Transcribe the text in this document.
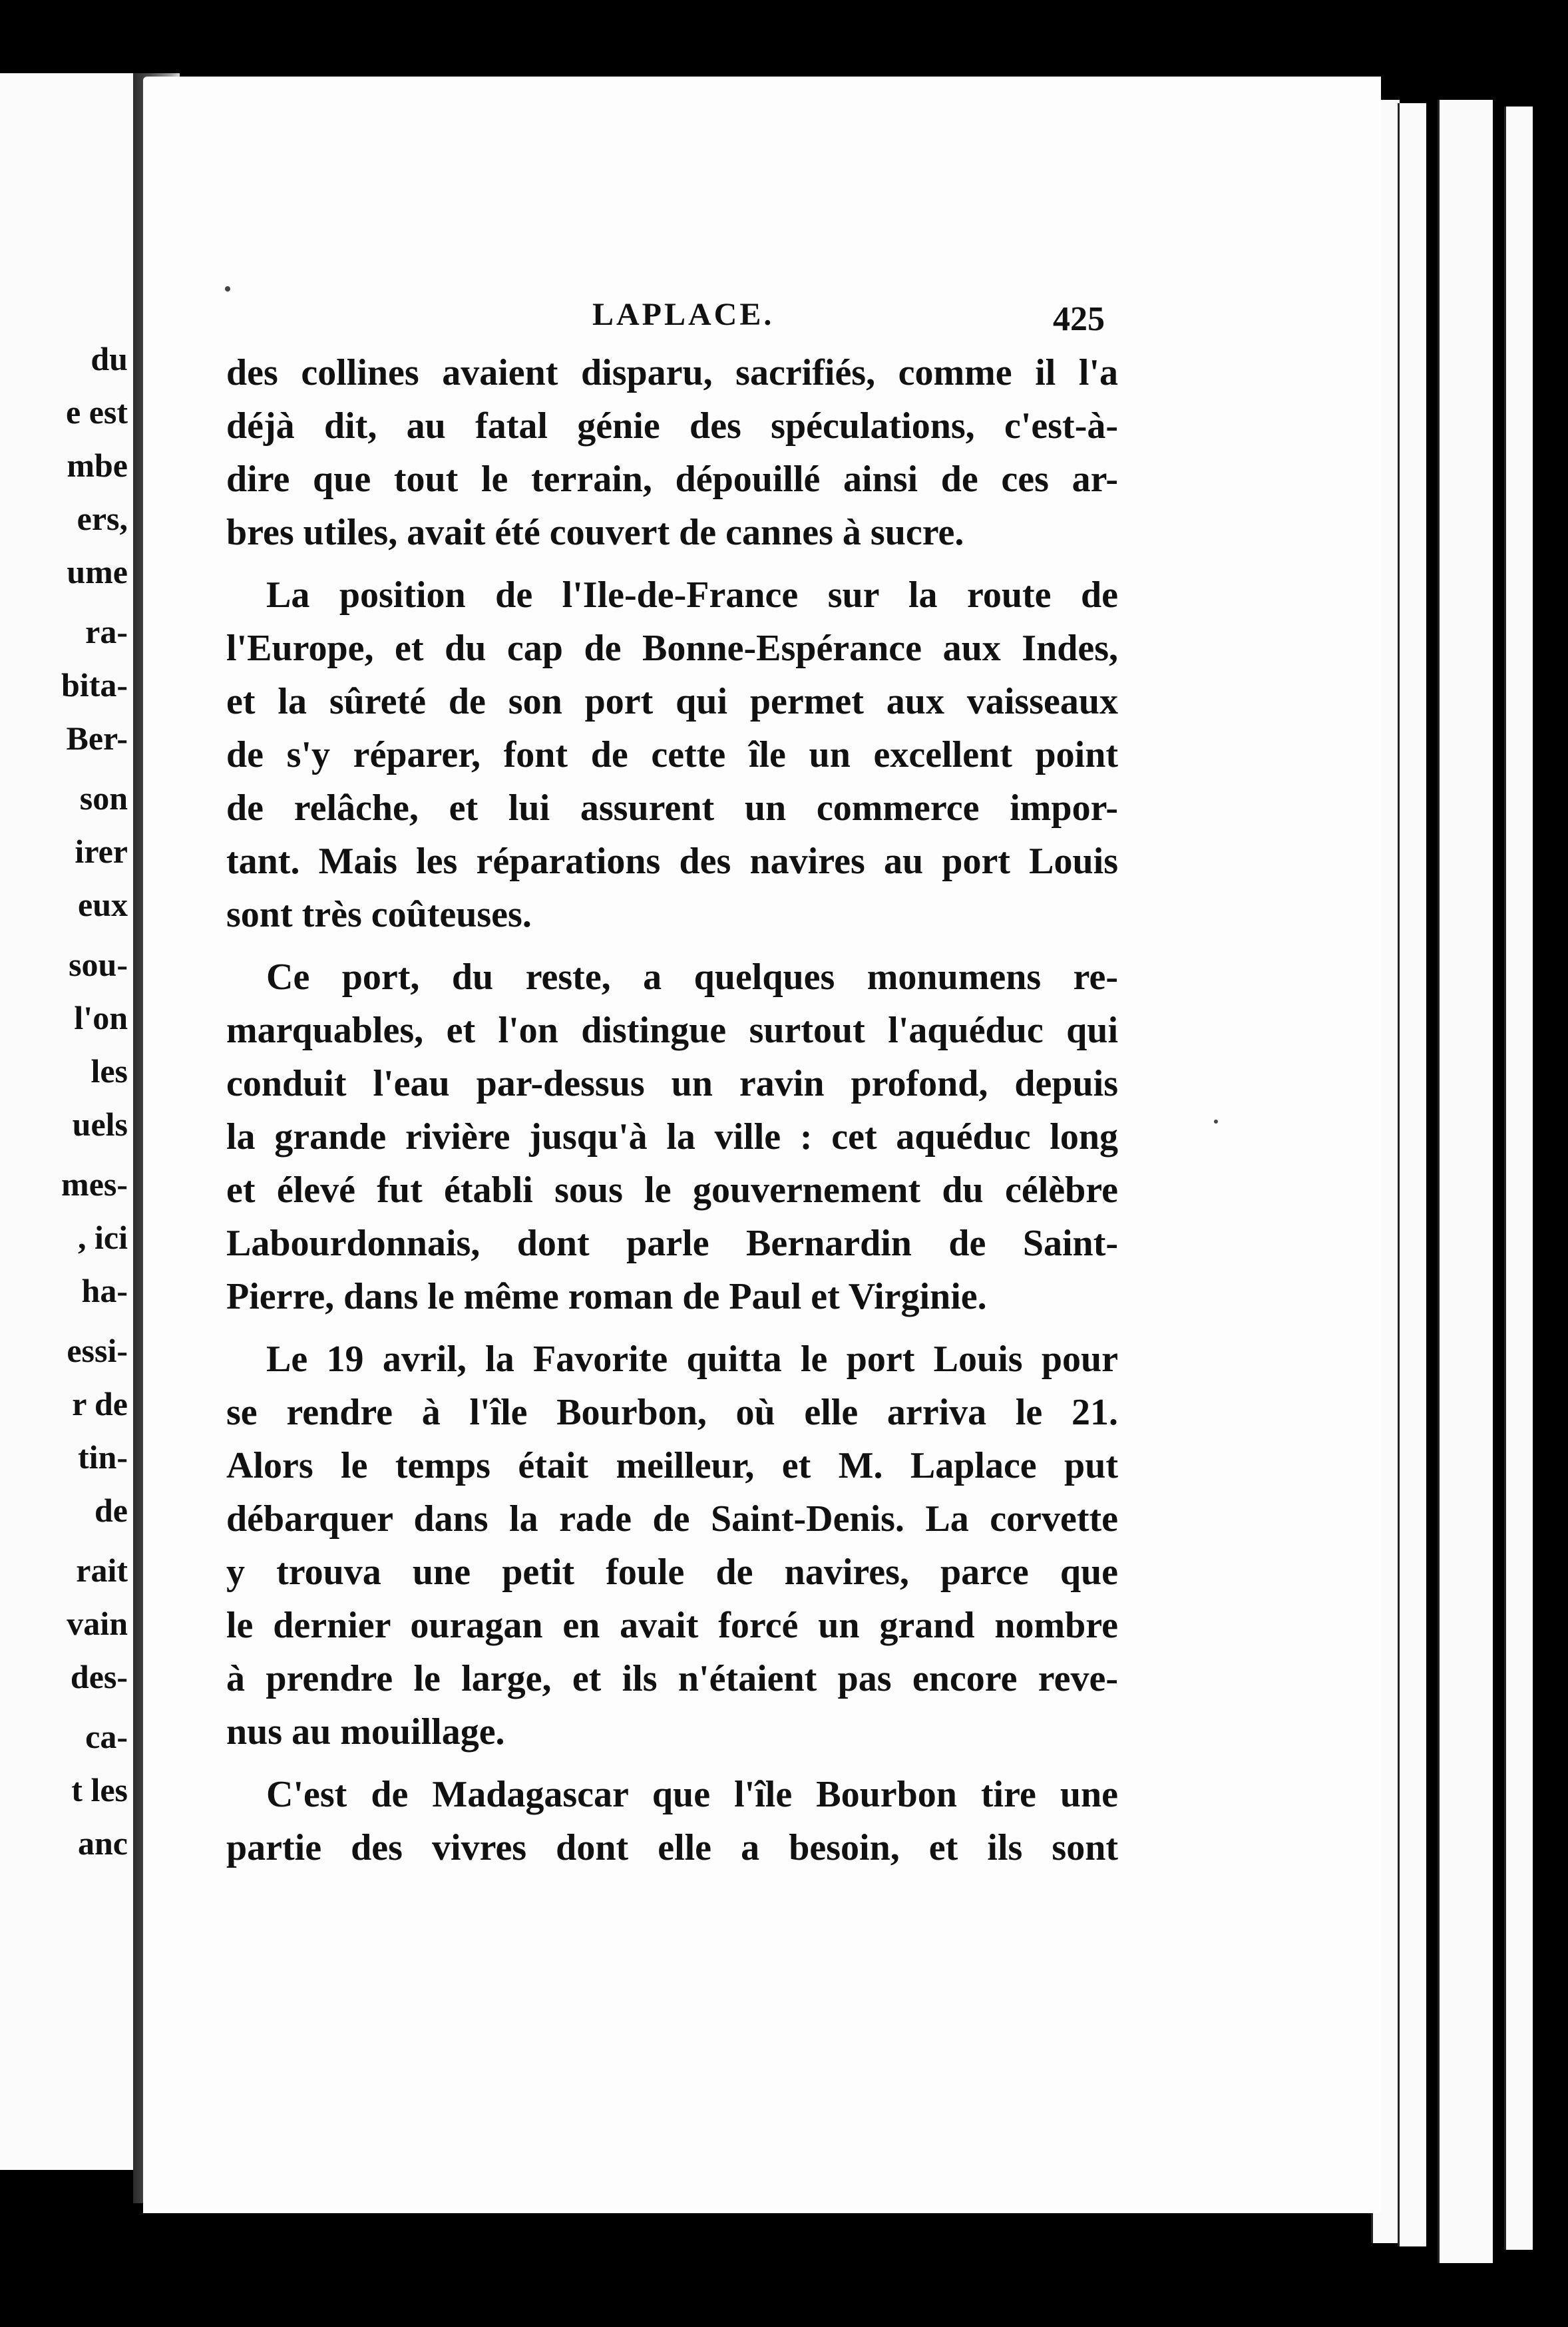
du
e est
mbe
ers,
ume
ra-
bita-
Ber-
son
irer
eux
sou-
l'on
les
uels
mes-
, ici
ha-
essi-
r de
tin-
de
rait
vain
des-
ca-
t les
anc
LAPLACE.	425
des collines avaient disparu, sacrifiés, comme il l'a
déjà dit, au fatal génie des spéculations, c'est-à-
dire que tout le terrain, dépouillé ainsi de ces ar-
bres utiles, avait été couvert de cannes à sucre.
La position de l'Ile-de-France sur la route de
l'Europe, et du cap de Bonne-Espérance aux Indes,
et la sûreté de son port qui permet aux vaisseaux
de s'y réparer, font de cette île un excellent point
de relâche, et lui assurent un commerce impor-
tant. Mais les réparations des navires au port Louis
sont très coûteuses.
Ce port, du reste, a quelques monumens re-
marquables, et l'on distingue surtout l'aquéduc qui
conduit l'eau par-dessus un ravin profond, depuis
la grande rivière jusqu'à la ville : cet aquéduc long
et élevé fut établi sous le gouvernement du célèbre
Labourdonnais, dont parle Bernardin de Saint-
Pierre, dans le même roman de Paul et Virginie.
Le 19 avril, la Favorite quitta le port Louis pour
se rendre à l'île Bourbon, où elle arriva le 21.
Alors le temps était meilleur, et M. Laplace put
débarquer dans la rade de Saint-Denis. La corvette
y trouva une petit foule de navires, parce que
le dernier ouragan en avait forcé un grand nombre
à prendre le large, et ils n'étaient pas encore reve-
nus au mouillage.
C'est de Madagascar que l'île Bourbon tire une
partie des vivres dont elle a besoin, et ils sont
